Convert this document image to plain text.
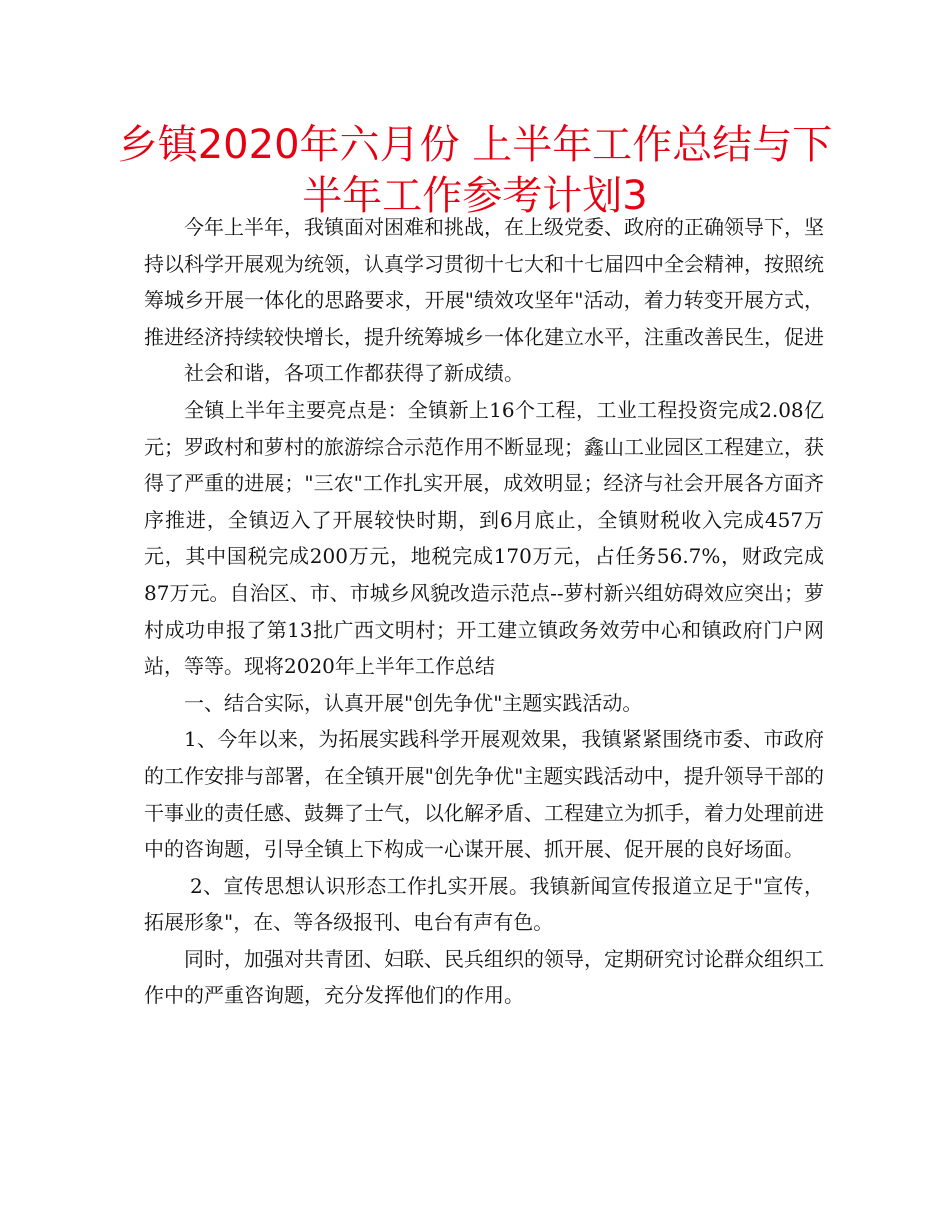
乡镇2020年六月份 上半年工作总结与下半年工作参考计划3

今年上半年，我镇面对困难和挑战，在上级党委、政府的正确领导下，坚持以科学开展观为统领，认真学习贯彻十七大和十七届四中全会精神，按照统筹城乡开展一体化的思路要求，开展"绩效攻坚年"活动，着力转变开展方式，推进经济持续较快增长，提升统筹城乡一体化建立水平，注重改善民生，促进

社会和谐，各项工作都获得了新成绩。

全镇上半年主要亮点是：全镇新上16个工程，工业工程投资完成2.08亿元；罗政村和萝村的旅游综合示范作用不断显现；鑫山工业园区工程建立，获得了严重的进展；"三农"工作扎实开展，成效明显；经济与社会开展各方面齐序推进，全镇迈入了开展较快时期，到6月底止，全镇财税收入完成457万元，其中国税完成200万元，地税完成170万元，占任务56.7%，财政完成87万元。自治区、市、市城乡风貌改造示范点--萝村新兴组妨碍效应突出；萝村成功申报了第13批广西文明村；开工建立镇政务效劳中心和镇政府门户网站，等等。现将2020年上半年工作总结

一、结合实际，认真开展"创先争优"主题实践活动。

1、今年以来，为拓展实践科学开展观效果，我镇紧紧围绕市委、市政府的工作安排与部署，在全镇开展"创先争优"主题实践活动中，提升领导干部的干事业的责任感、鼓舞了士气，以化解矛盾、工程建立为抓手，着力处理前进中的咨询题，引导全镇上下构成一心谋开展、抓开展、促开展的良好场面。

2、宣传思想认识形态工作扎实开展。我镇新闻宣传报道立足于"宣传，拓展形象"，在、等各级报刊、电台有声有色。

同时，加强对共青团、妇联、民兵组织的领导，定期研究讨论群众组织工作中的严重咨询题，充分发挥他们的作用。
